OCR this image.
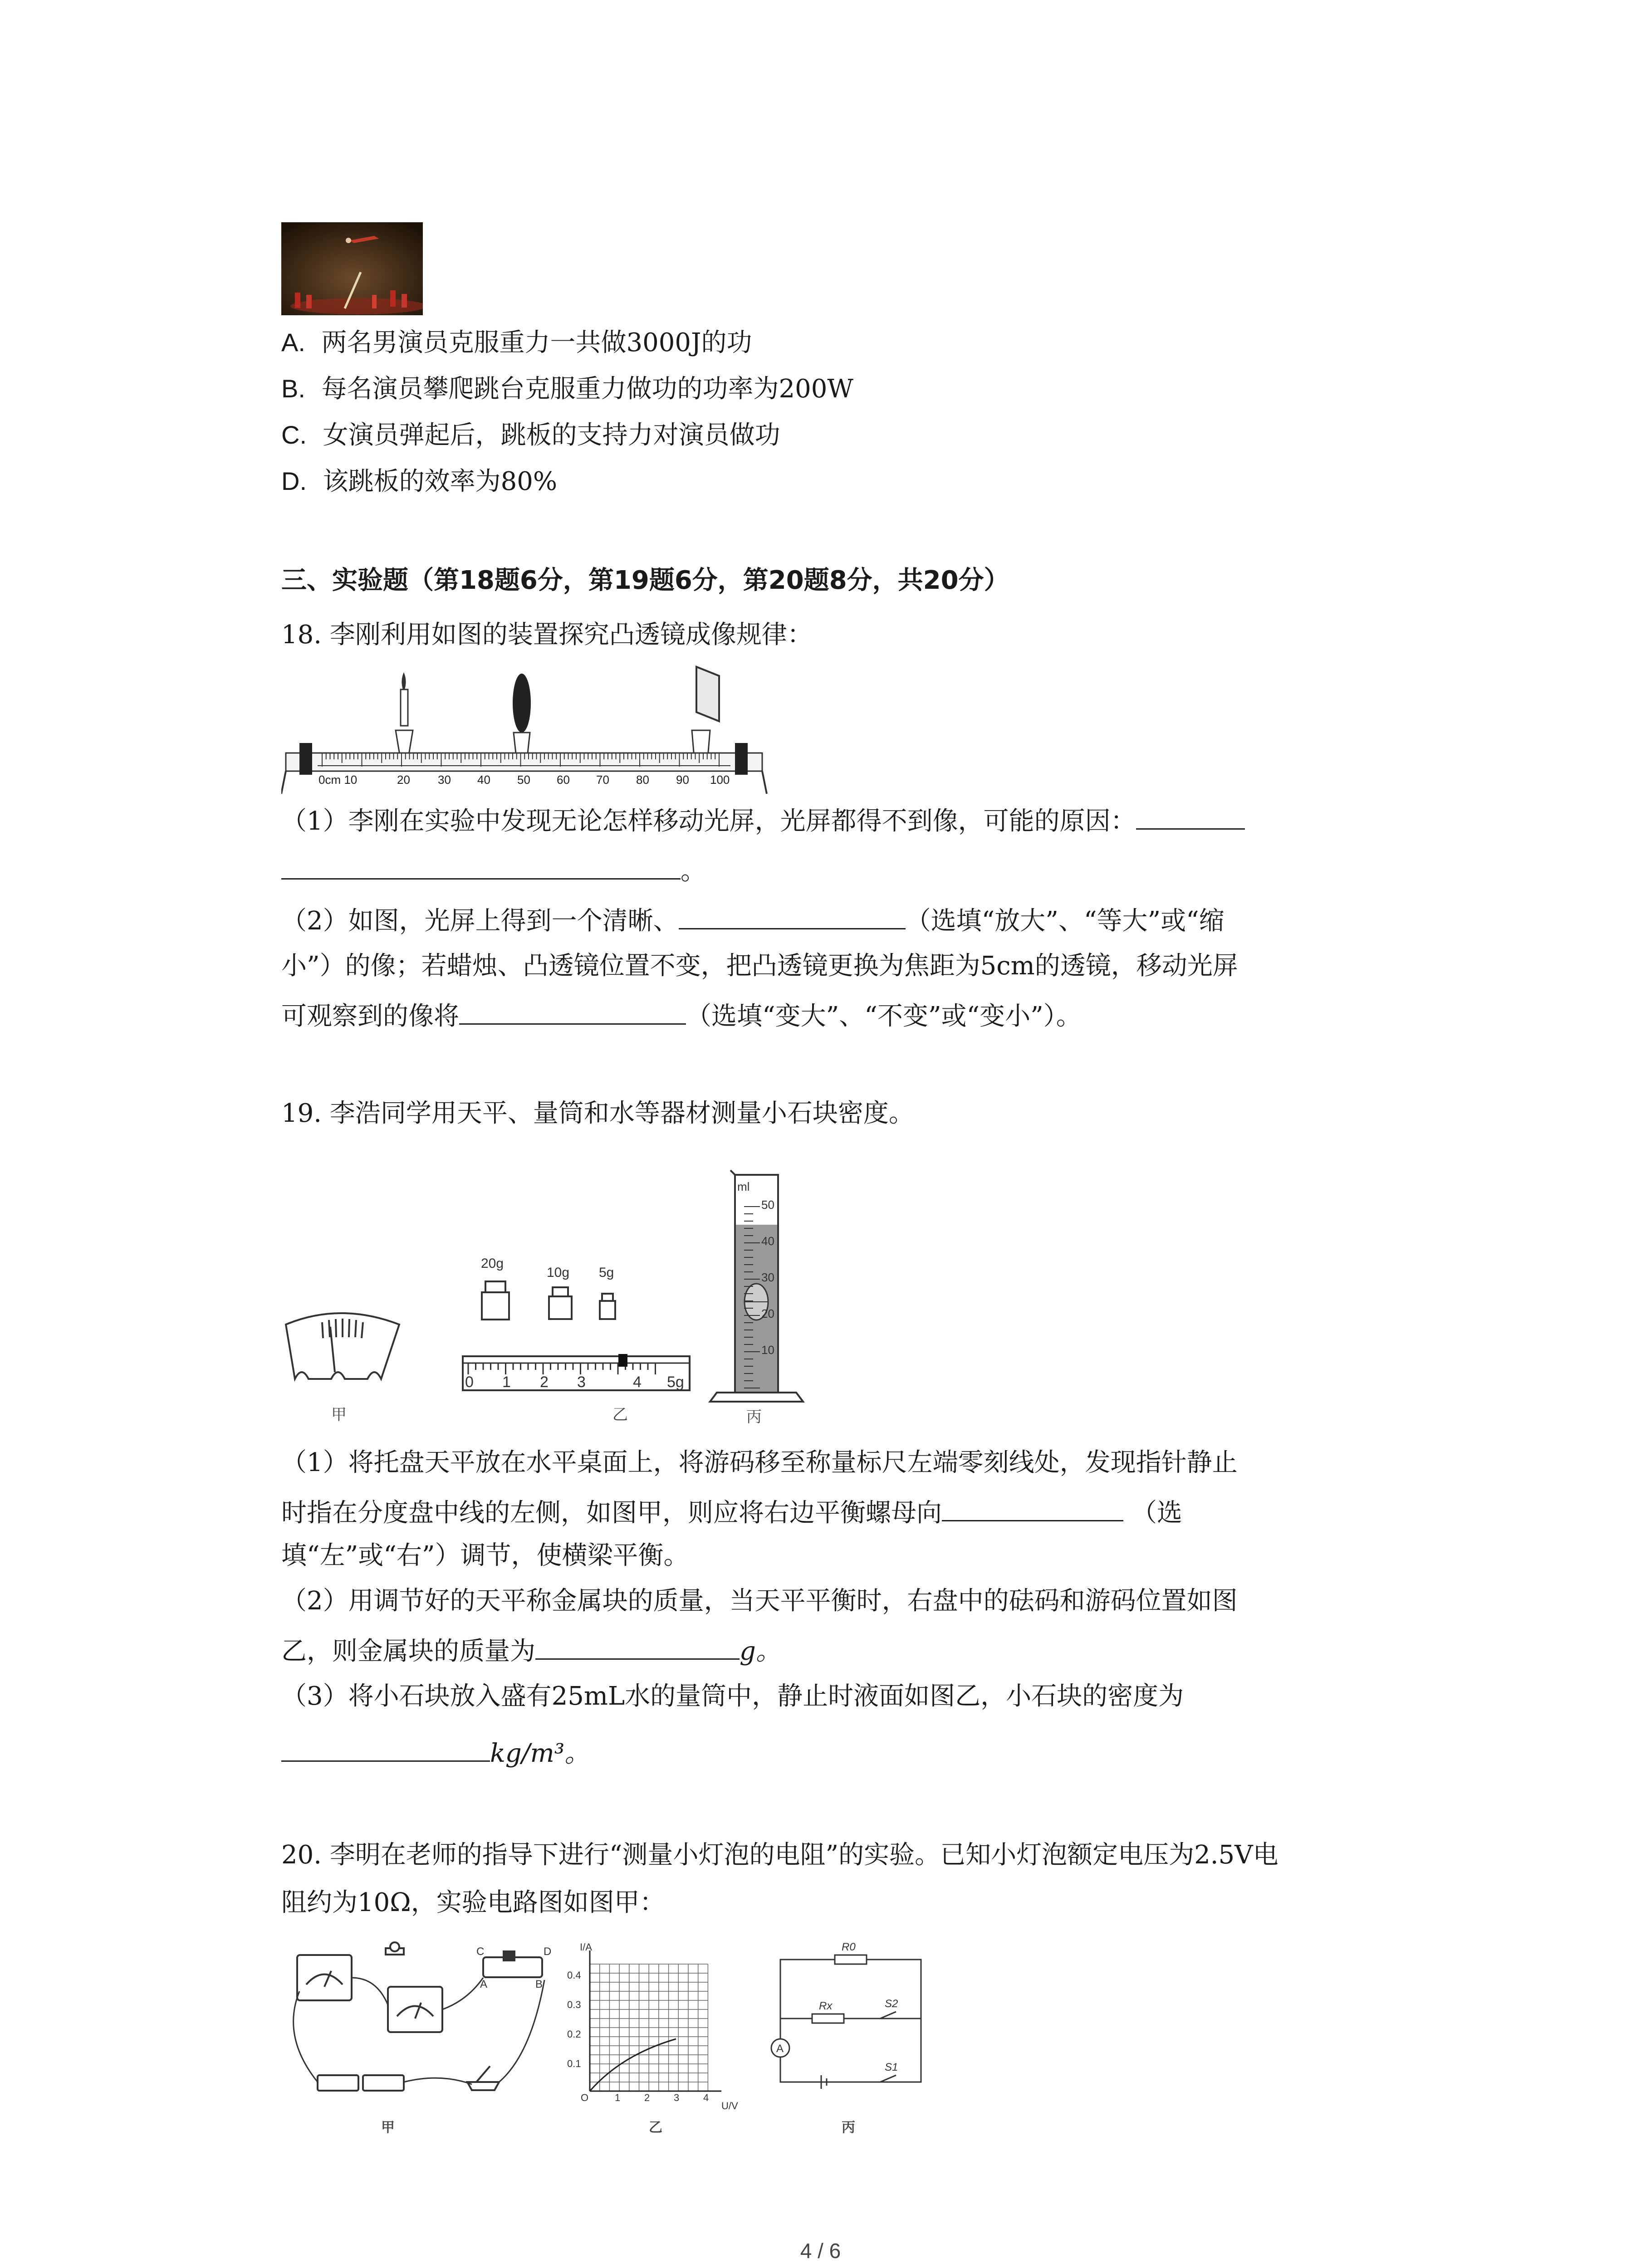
A. 两名男演员克服重力一共做3000J的功
B. 每名演员攀爬跳台克服重力做功的功率为200W
C. 女演员弹起后，跳板的支持力对演员做功
D. 该跳板的效率为80%
三、实验题（第18题6分，第19题6分，第20题8分，共20分）
18. 李刚利用如图的装置探究凸透镜成像规律：
0cm 10	20 30 40 50 60 70 80 90 100
（1）李刚在实验中发现无论怎样移动光屏，光屏都得不到像，可能的原因：
。
（2）如图，光屏上得到一个清晰、	（选填“放大”、“等大”或“缩
小”）的像；若蜡烛、凸透镜位置不变，把凸透镜更换为焦距为5cm的透镜，移动光屏
可观察到的像将	（选填“变大”、“不变”或“变小”）。
19. 李浩同学用天平、量筒和水等器材测量小石块密度。
甲
20g
10g 5g
0 1 2 3	4 5g
乙
ml
50
40
30
20
10
丙
（1）将托盘天平放在水平桌面上，将游码移至称量标尺左端零刻线处，发现指针静止
时指在分度盘中线的左侧，如图甲，则应将右边平衡螺母向	（选
填“左”或“右”）调节，使横梁平衡。
（2）用调节好的天平称金属块的质量，当天平平衡时，右盘中的砝码和游码位置如图
乙，则金属块的质量为	g。
（3）将小石块放入盛有25mL水的量筒中，静止时液面如图乙，小石块的密度为
kg/m³。
20. 李明在老师的指导下进行“测量小灯泡的电阻”的实验。已知小灯泡额定电压为2.5V电
阻约为10Ω，实验电路图如图甲：
C	D
A	B
甲
I/A
U/V
0.4
0.3
0.2
0.1
O	1 2 3 4
乙
R0
Rx	S2
S1
A
丙
4 / 6
